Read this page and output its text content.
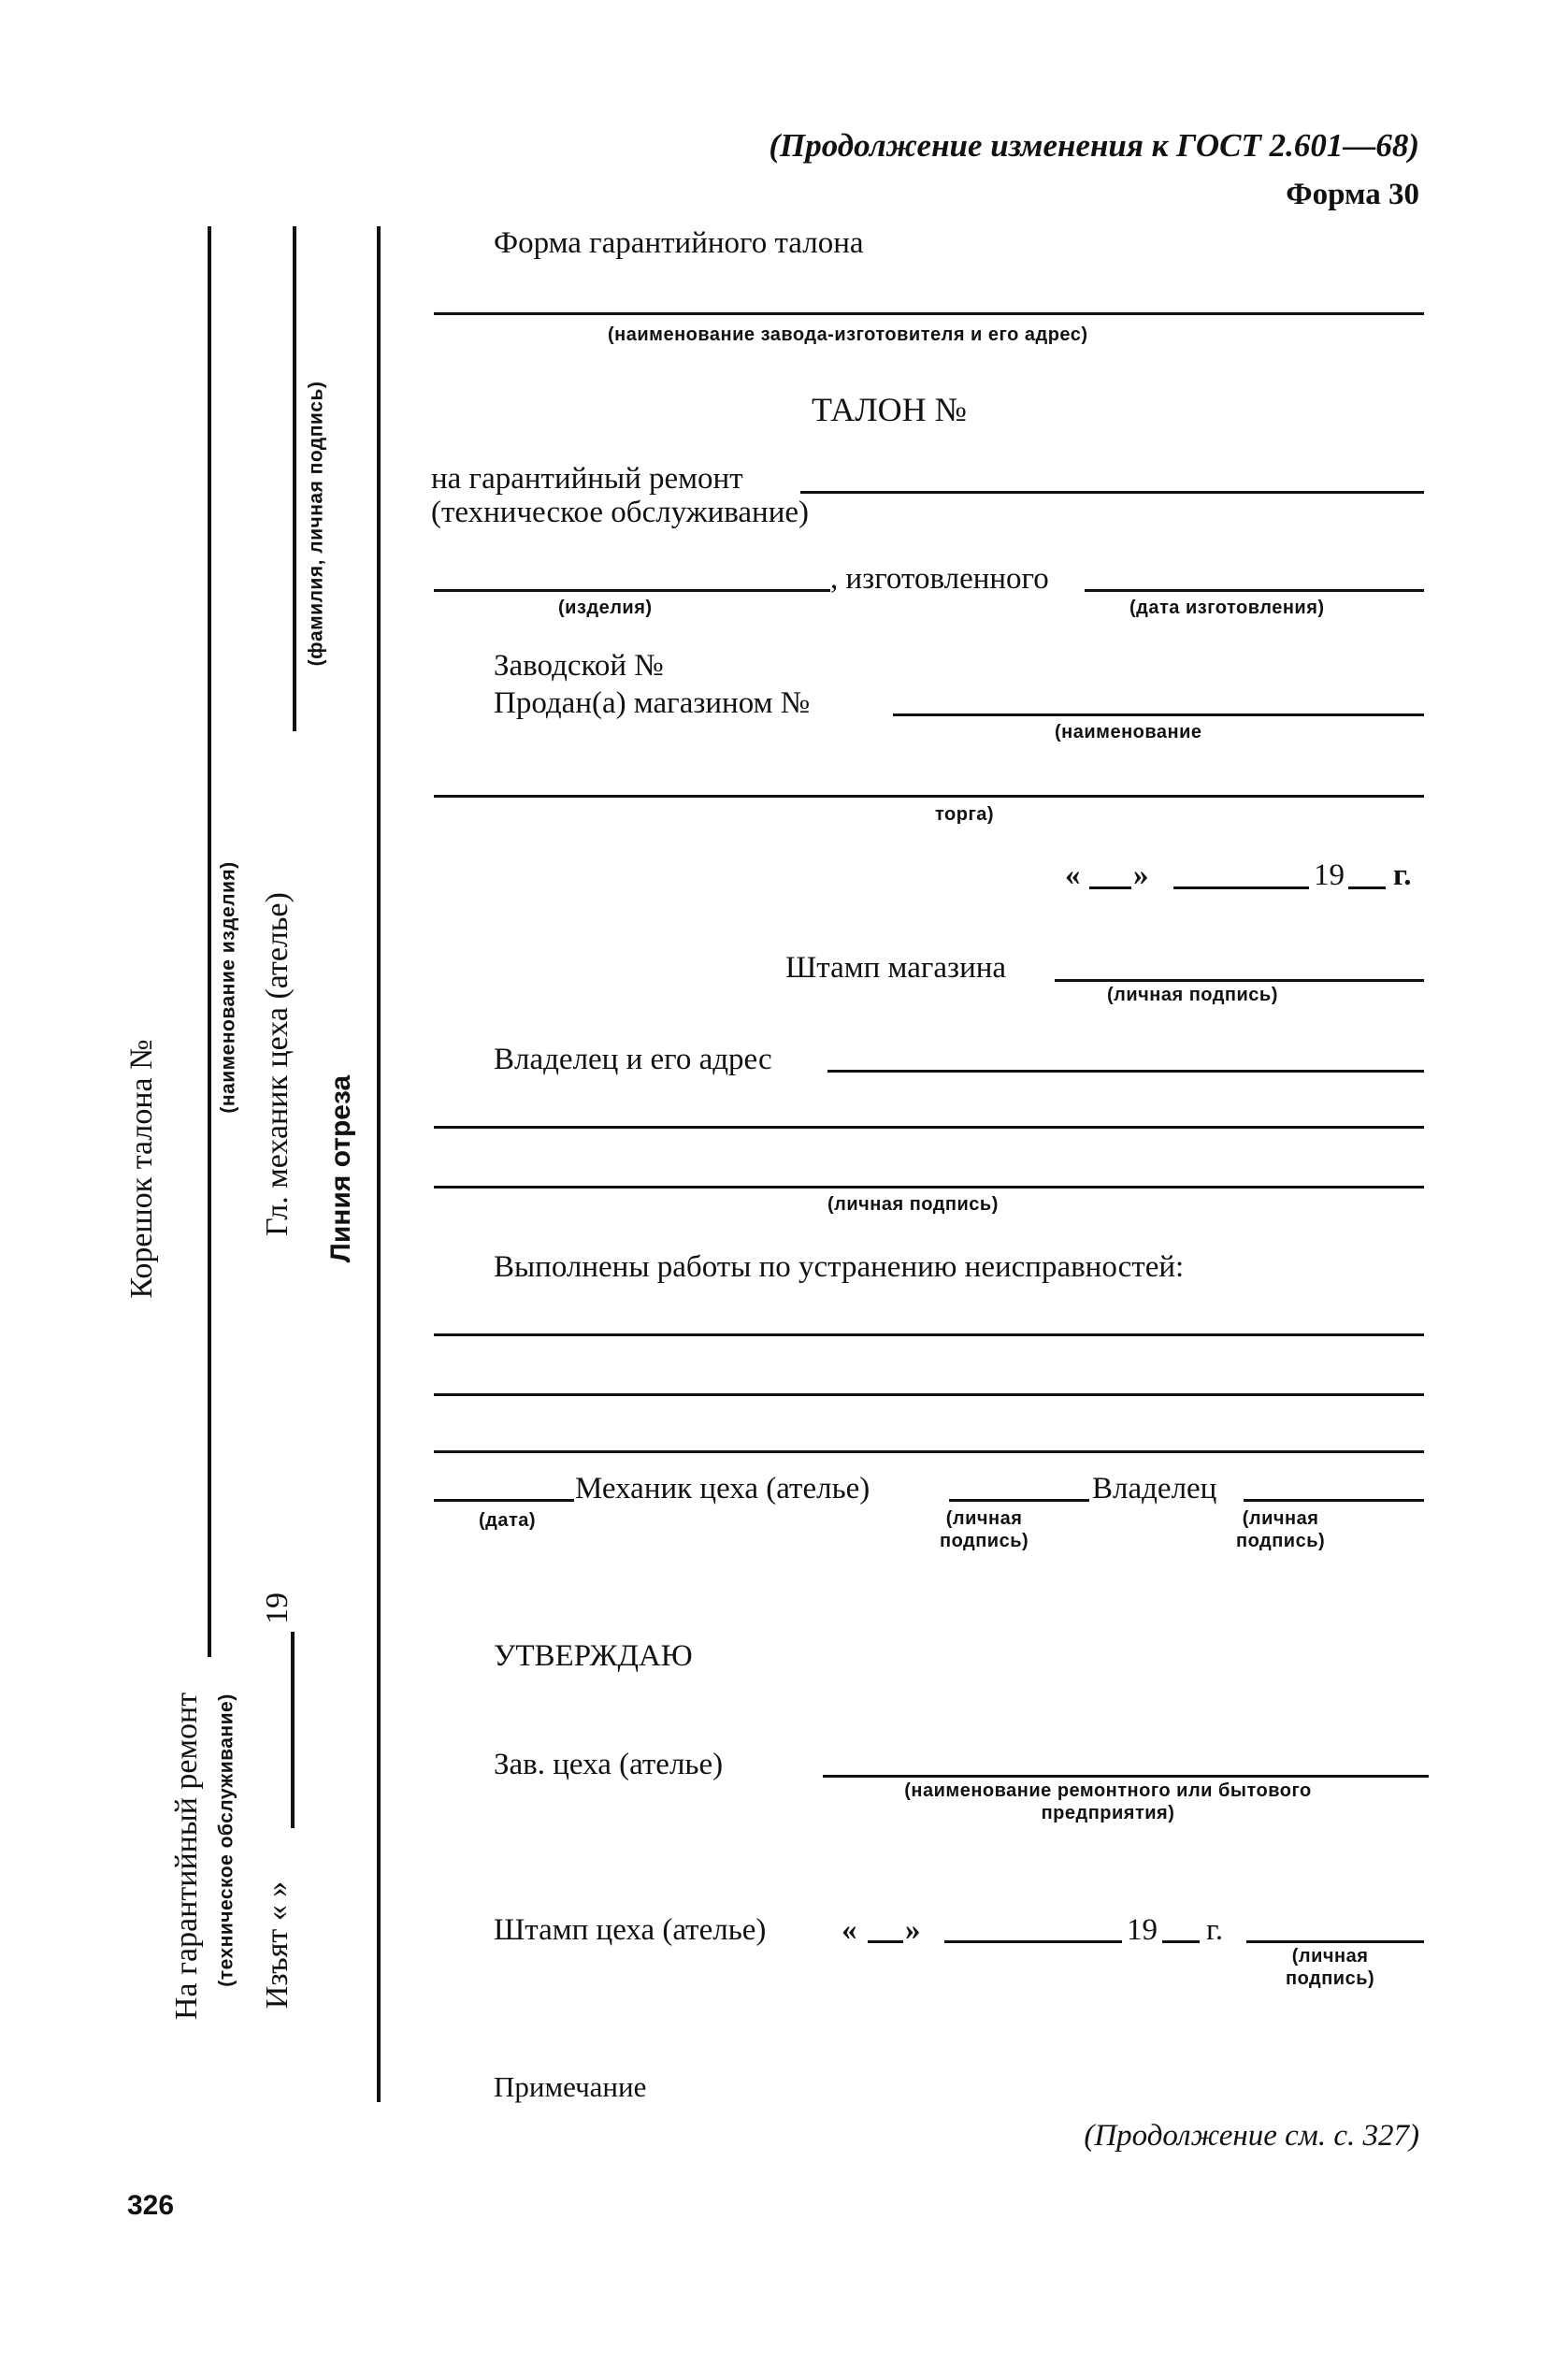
(Продолжение изменения к ГОСТ 2.601—68)
Форма 30
Форма гарантийного талона
(наименование завода-изготовителя и его адрес)
ТАЛОН №
на гарантийный ремонт
(техническое обслуживание)
, изготовленного
(изделия)	(дата изготовления)
Заводской №
Продан(а) магазином №
(наименование
торга)
« »	19 г.
Штамп магазина
(личная подпись)
Владелец и его адрес
(личная подпись)
Выполнены работы по устранению неисправностей:
Механик цеха (ателье)	Владелец
(дата)	(личная
подпись)
(личная
подпись)
УТВЕРЖДАЮ
Зав. цеха (ателье)
(наименование ремонтного или бытового
предприятия)
Штамп цеха (ателье) « »	19 г.
(личная
подпись)
Примечание
(Продолжение см. с. 327)
326
Корешок талона №
(наименование изделия)
На гарантийный ремонт (техническое обслуживание) Изъят « »
19
Гл. механик цеха (ателье)
(фамилия, личная подпись)
Линия отреза
